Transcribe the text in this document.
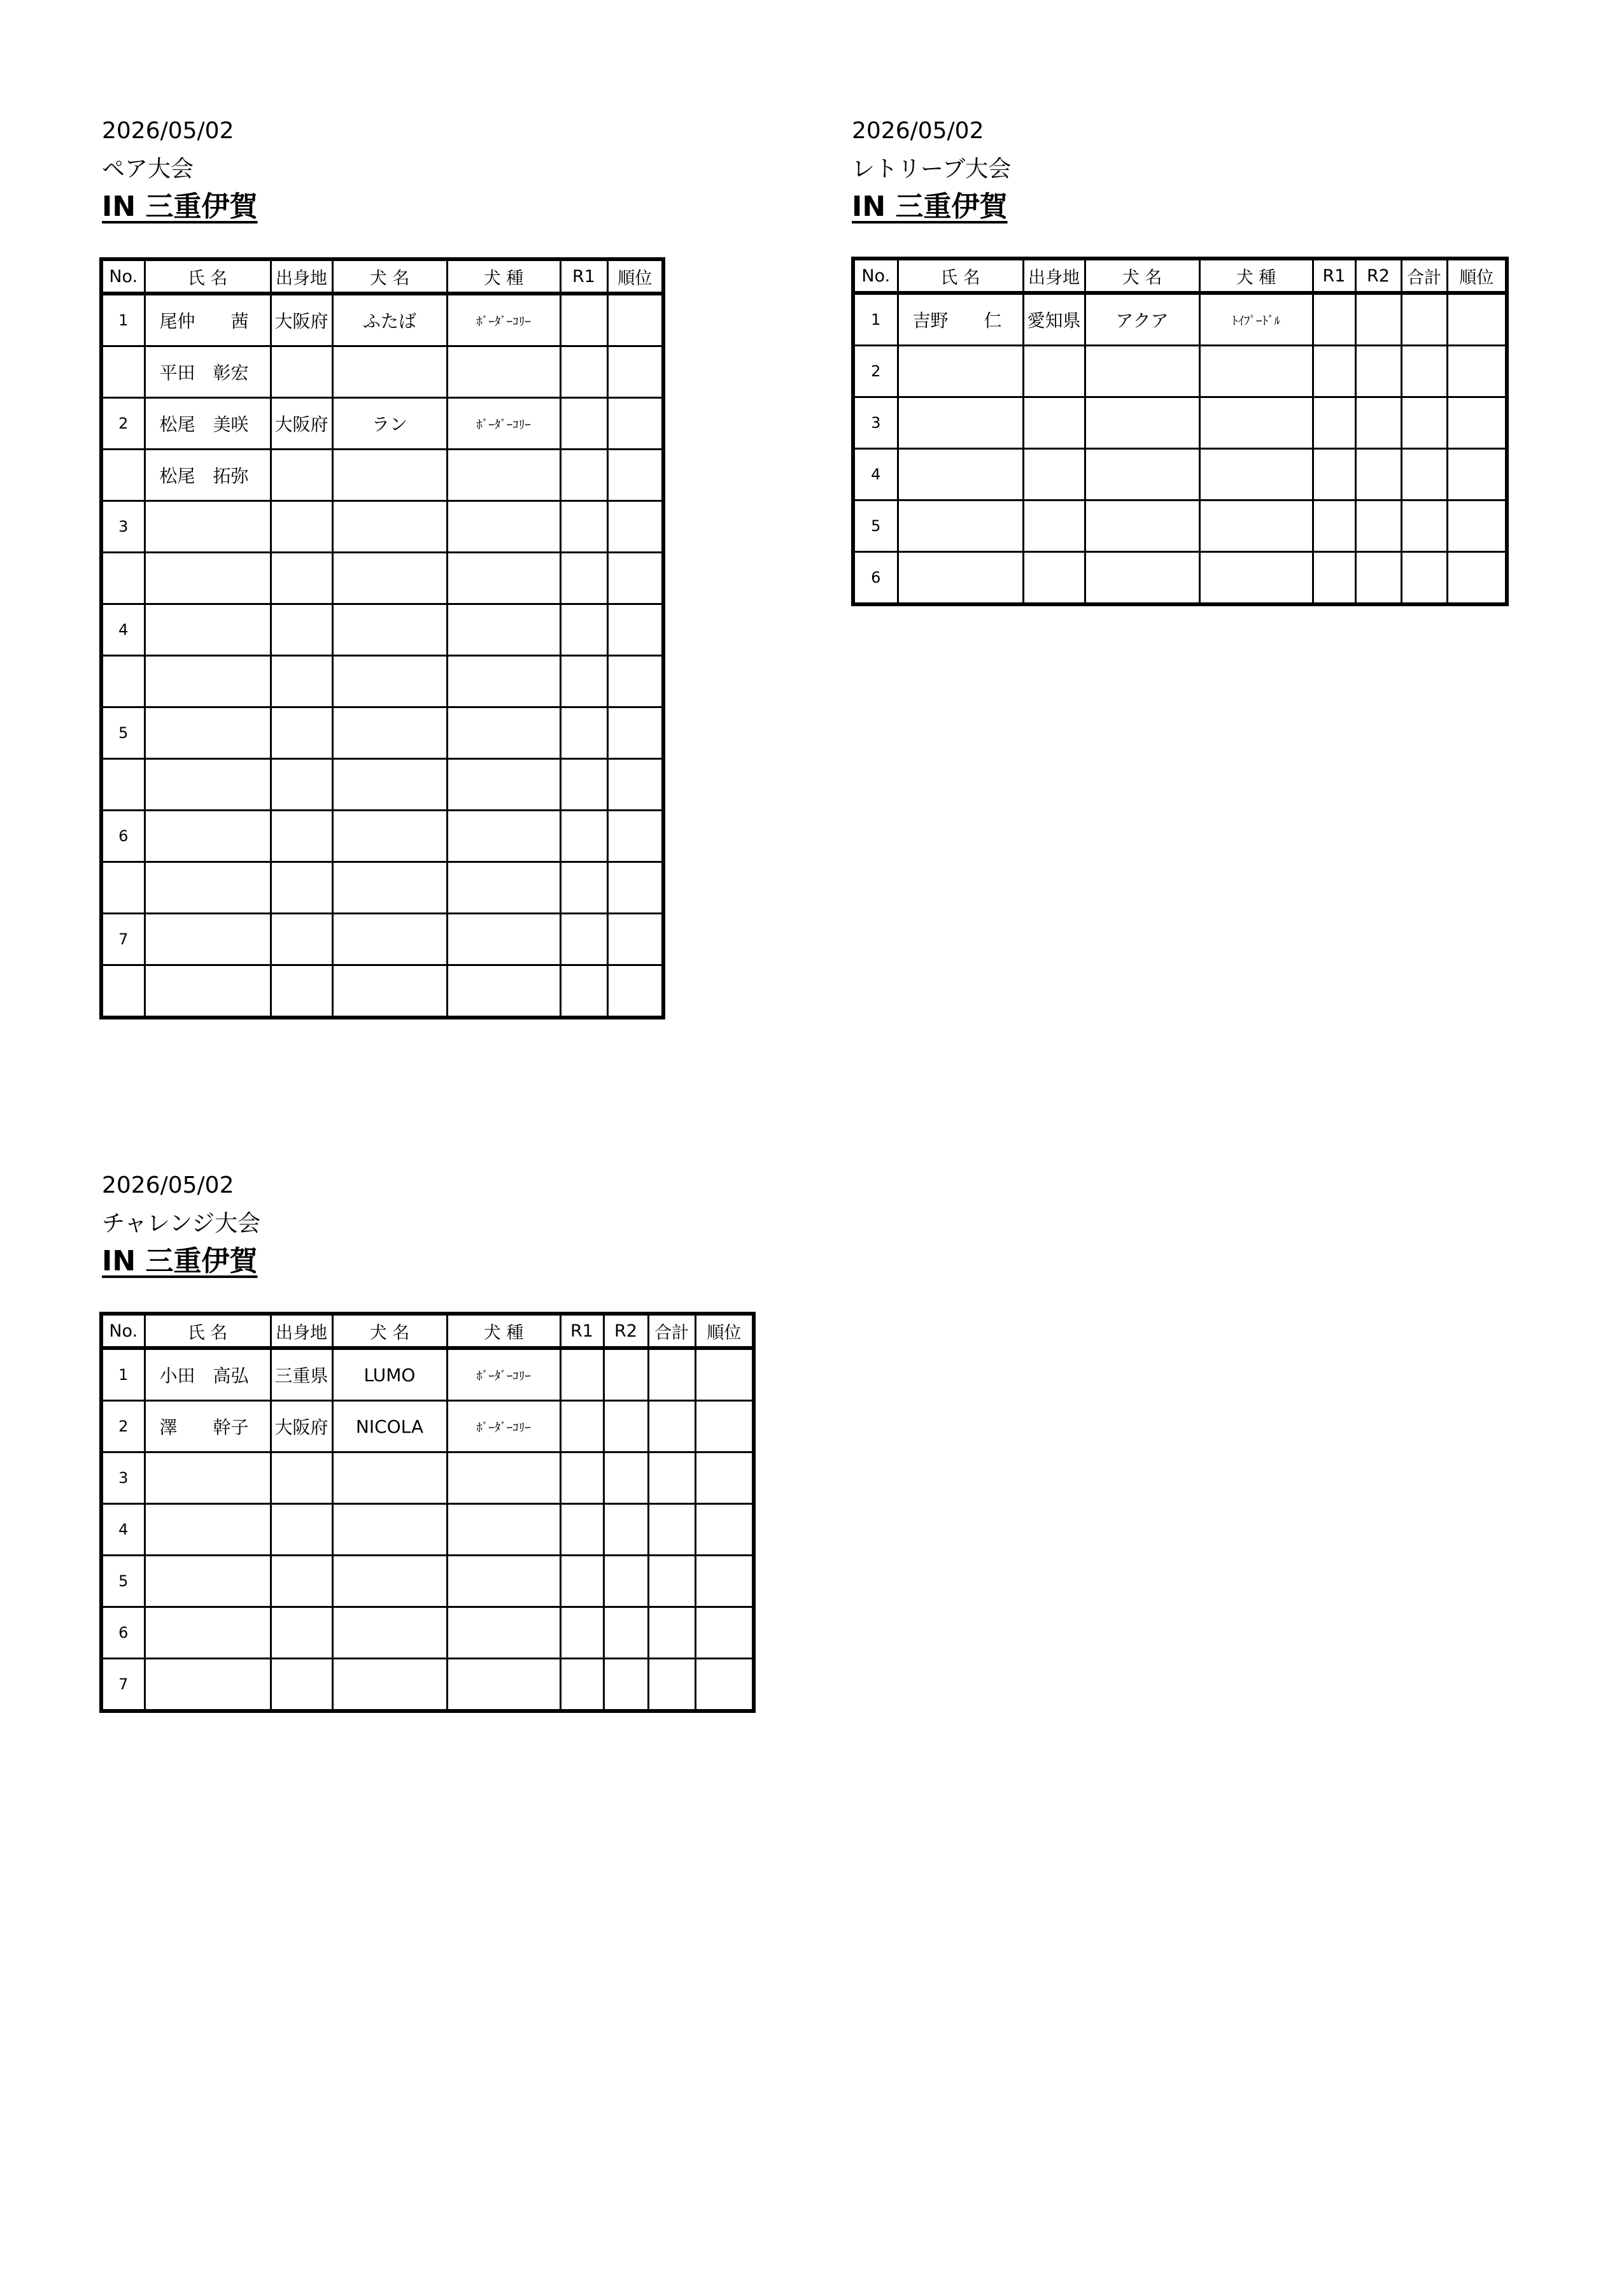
2026/05/02
ペア大会
IN 三重伊賀
No.	氏 名	出身地	犬 名	犬 種	R1	順位
1	尾仲　　茜	大阪府	ふたば	ﾎﾞｰﾀﾞｰｺﾘｰ		
	平田　彰宏					
2	松尾　美咲	大阪府	ラン	ﾎﾞｰﾀﾞｰｺﾘｰ		
	松尾　拓弥					
3						

4						

5						

6						

7						

2026/05/02
レトリーブ大会
IN 三重伊賀
No.	氏 名	出身地	犬 名	犬 種	R1	R2	合計	順位
1	吉野　　仁	愛知県	アクア	ﾄｲﾌﾟｰﾄﾞﾙ				
2								
3								
4								
5								
6								
2026/05/02
チャレンジ大会
IN 三重伊賀
No.	氏 名	出身地	犬 名	犬 種	R1	R2	合計	順位
1	小田　高弘	三重県	LUMO	ﾎﾞｰﾀﾞｰｺﾘｰ				
2	澤　　幹子	大阪府	NICOLA	ﾎﾞｰﾀﾞｰｺﾘｰ				
3								
4								
5								
6								
7								
